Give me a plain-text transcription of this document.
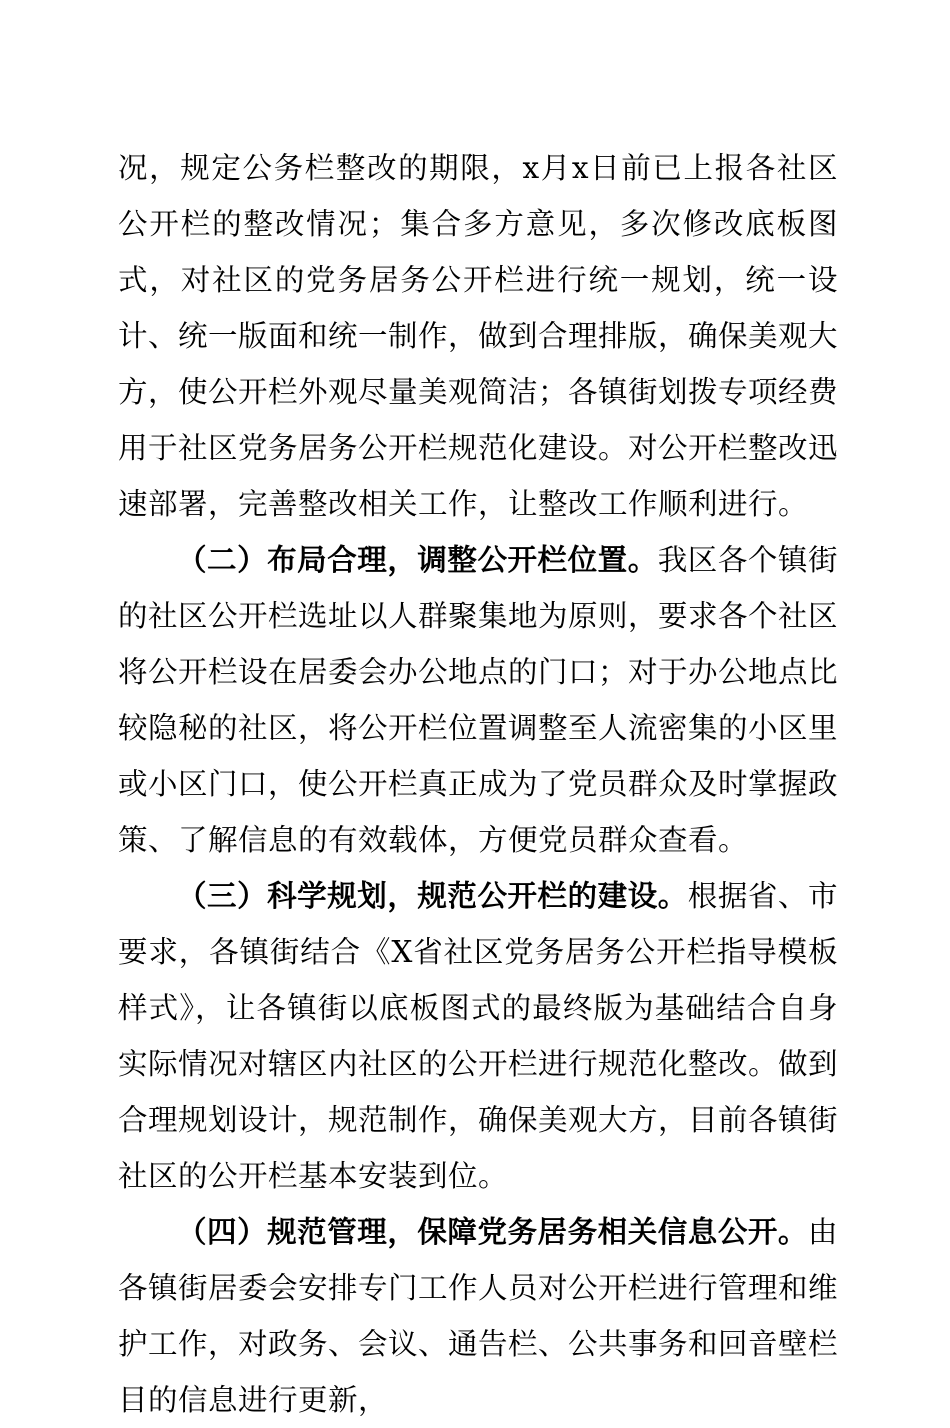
况，规定公务栏整改的期限，x月x日前已上报各社区公开栏的整改情况；集合多方意见，多次修改底板图式，对社区的党务居务公开栏进行统一规划，统一设计、统一版面和统一制作，做到合理排版，确保美观大方，使公开栏外观尽量美观简洁；各镇街划拨专项经费用于社区党务居务公开栏规范化建设。对公开栏整改迅速部署，完善整改相关工作，让整改工作顺利进行。

（二）布局合理，调整公开栏位置。我区各个镇街的社区公开栏选址以人群聚集地为原则，要求各个社区将公开栏设在居委会办公地点的门口；对于办公地点比较隐秘的社区，将公开栏位置调整至人流密集的小区里或小区门口，使公开栏真正成为了党员群众及时掌握政策、了解信息的有效载体，方便党员群众查看。

（三）科学规划，规范公开栏的建设。根据省、市要求，各镇街结合《X省社区党务居务公开栏指导模板样式》，让各镇街以底板图式的最终版为基础结合自身实际情况对辖区内社区的公开栏进行规范化整改。做到合理规划设计，规范制作，确保美观大方，目前各镇街社区的公开栏基本安装到位。

（四）规范管理，保障党务居务相关信息公开。由各镇街居委会安排专门工作人员对公开栏进行管理和维护工作，对政务、会议、通告栏、公共事务和回音壁栏目的信息进行更新，
